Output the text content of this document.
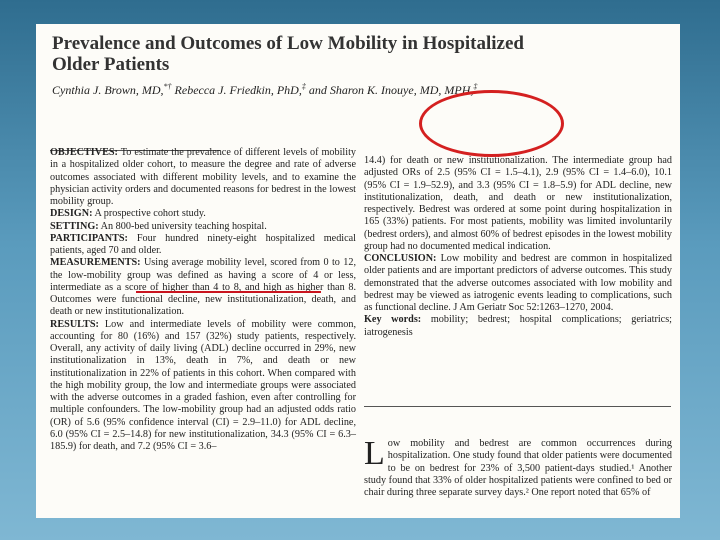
Prevalence and Outcomes of Low Mobility in Hospitalized
Older Patients
Cynthia J. Brown, MD,*† Rebecca J. Friedkin, PhD,‡ and Sharon K. Inouye, MD, MPH,‡

OBJECTIVES: To estimate the prevalence of different levels of mobility in a hospitalized older cohort, to measure the degree and rate of adverse outcomes associated with different mobility levels, and to examine the physician activity orders and documented reasons for bedrest in the lowest mobility group.

DESIGN: A prospective cohort study.

SETTING: An 800-bed university teaching hospital.

PARTICIPANTS: Four hundred ninety-eight hospitalized medical patients, aged 70 and older.

MEASUREMENTS: Using average mobility level, scored from 0 to 12, the low-mobility group was defined as having a score of 4 or less, intermediate as a score of higher than 4 to 8, and high as higher than 8. Outcomes were functional decline, new institutionalization, death, and death or new institutionalization.

RESULTS: Low and intermediate levels of mobility were common, accounting for 80 (16%) and 157 (32%) study patients, respectively. Overall, any activity of daily living (ADL) decline occurred in 29%, new institutionalization in 13%, death in 7%, and death or new institutionalization in 22% of patients in this cohort. When compared with the high mobility group, the low and intermediate groups were associated with the adverse outcomes in a graded fashion, even after controlling for multiple confounders. The low-mobility group had an adjusted odds ratio (OR) of 5.6 (95% confidence interval (CI) = 2.9–11.0) for ADL decline, 6.0 (95% CI = 2.5–14.8) for new institutionalization, 34.3 (95% CI = 6.3–185.9) for death, and 7.2 (95% CI = 3.6–

14.4) for death or new institutionalization. The intermediate group had adjusted ORs of 2.5 (95% CI = 1.5–4.1), 2.9 (95% CI = 1.4–6.0), 10.1 (95% CI = 1.9–52.9), and 3.3 (95% CI = 1.8–5.9) for ADL decline, new institutionalization, death, and death or new institutionalization, respectively. Bedrest was ordered at some point during hospitalization in 165 (33%) patients. For most patients, mobility was limited involuntarily (bedrest orders), and almost 60% of bedrest episodes in the lowest mobility group had no documented medical indication.

CONCLUSION: Low mobility and bedrest are common in hospitalized older patients and are important predictors of adverse outcomes. This study demonstrated that the adverse outcomes associated with low mobility and bedrest may be viewed as iatrogenic events leading to complications, such as functional decline. J Am Geriatr Soc 52:1263–1270, 2004.

Key words: mobility; bedrest; hospital complications; geriatrics; iatrogenesis

Low mobility and bedrest are common occurrences during hospitalization. One study found that older patients were documented to be on bedrest for 23% of 3,500 patient-days studied.¹ Another study found that 33% of older hospitalized patients were confined to bed or chair during three separate survey days.² One report noted that 65% of
